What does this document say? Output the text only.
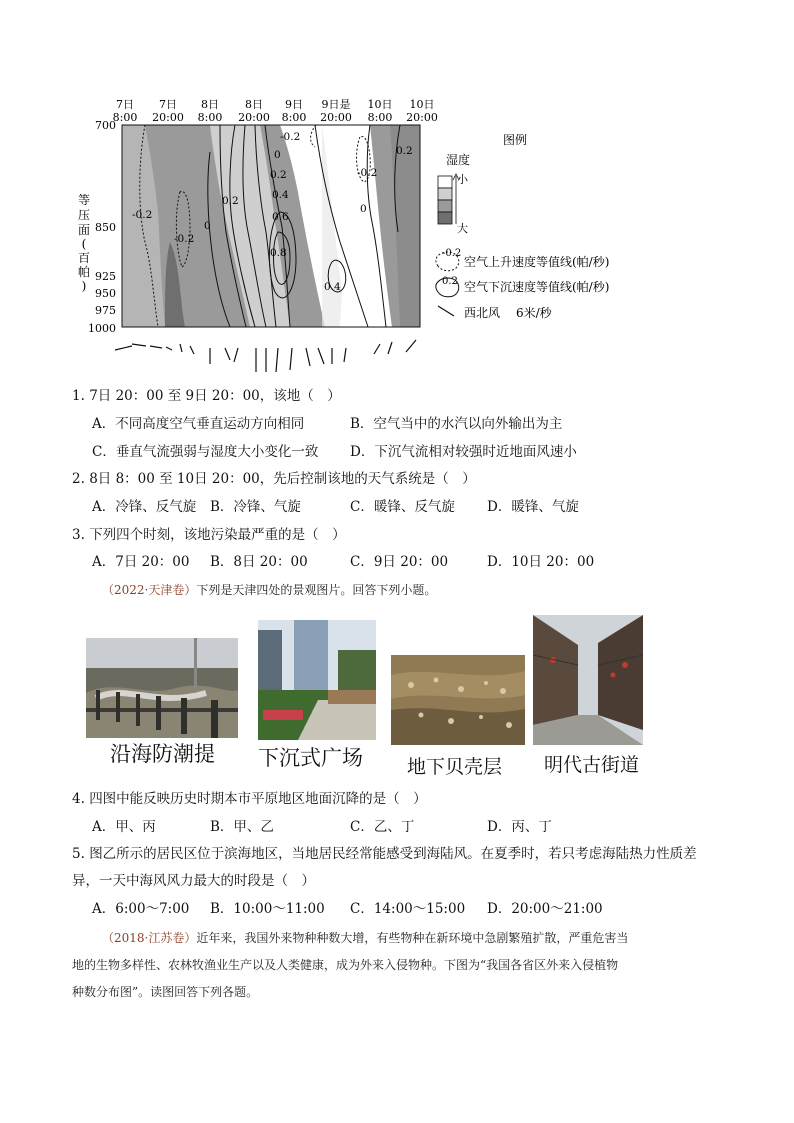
7日
8:00
7日
20:00
8日
8:00
8日
20:00
9日
8:00
9日是
20:00
10日
8:00
10日
20:00
700
850
925
950
975
1000
等
压
面
(
百
帕
)
-0.2
0
0.2	0.4
0.6
0.8
0.4
-0.2
0
0.2
0.2
0
-0.2
-0.2	图例
湿度
小
大
-0.2
空气上升速度等值线(帕/秒)
0.2 空气下沉速度等值线(帕/秒)
西北风 6米/秒
1. 7日 20：00 至 9日 20：00，该地（　）
A．不同高度空气垂直运动方向相同	B．空气当中的水汽以向外输出为主
C．垂直气流强弱与湿度大小变化一致 D．下沉气流相对较强时近地面风速小
2. 8日 8：00 至 10日 20：00，先后控制该地的天气系统是（　）
A．冷锋、反气旋 B．冷锋、气旋	C．暖锋、反气旋 D．暖锋、气旋
3. 下列四个时刻，该地污染最严重的是（　）
A．7日 20：00 B．8日 20：00	C．9日 20：00	D．10日 20：00
（2022·天津卷）下列是天津四处的景观图片。回答下列小题。
沿海防潮提 下沉式广场 地下贝壳层 明代古街道
4. 四图中能反映历史时期本市平原地区地面沉降的是（　）
A．甲、丙	B．甲、乙	C．乙、丁	D．丙、丁
5. 图乙所示的居民区位于滨海地区，当地居民经常能感受到海陆风。在夏季时，若只考虑海陆热力性质差
异，一天中海风风力最大的时段是（　）
A．6:00～7:00 B．10:00～11:00 C．14:00～15:00 D．20:00～21:00
（2018·江苏卷）近年来，我国外来物种种数大增，有些物种在新环境中急剧繁殖扩散，严重危害当
地的生物多样性、农林牧渔业生产以及人类健康，成为外来入侵物种。下图为“我国各省区外来入侵植物
种数分布图”。读图回答下列各题。
